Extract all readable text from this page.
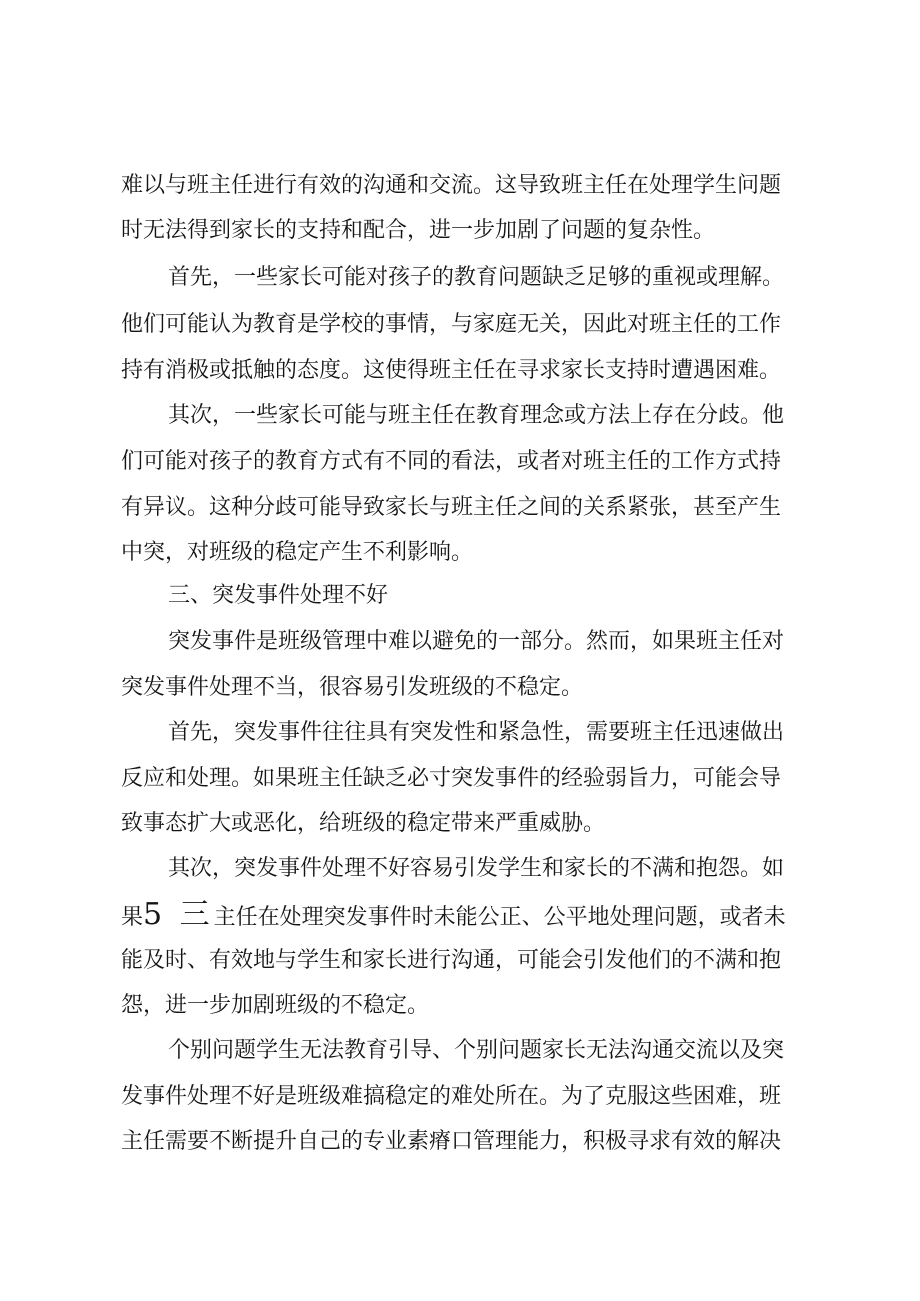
难以与班主任进行有效的沟通和交流。这导致班主任在处理学生问题
时无法得到家长的支持和配合，进一步加剧了问题的复杂性。
首先，一些家长可能对孩子的教育问题缺乏足够的重视或理解。
他们可能认为教育是学校的事情，与家庭无关，因此对班主任的工作
持有消极或抵触的态度。这使得班主任在寻求家长支持时遭遇困难。
其次，一些家长可能与班主任在教育理念或方法上存在分歧。他
们可能对孩子的教育方式有不同的看法，或者对班主任的工作方式持
有异议。这种分歧可能导致家长与班主任之间的关系紧张，甚至产生
中突，对班级的稳定产生不利影响。
三、突发事件处理不好
突发事件是班级管理中难以避免的一部分。然而，如果班主任对
突发事件处理不当，很容易引发班级的不稳定。
首先，突发事件往往具有突发性和紧急性，需要班主任迅速做出
反应和处理。如果班主任缺乏必寸突发事件的经验弱旨力，可能会导
致事态扩大或恶化，给班级的稳定带来严重威胁。
其次，突发事件处理不好容易引发学生和家长的不满和抱怨。如
果5 三主任在处理突发事件时未能公正、公平地处理问题，或者未
能及时、有效地与学生和家长进行沟通，可能会引发他们的不满和抱
怨，进一步加剧班级的不稳定。
个别问题学生无法教育引导、个别问题家长无法沟通交流以及突
发事件处理不好是班级难搞稳定的难处所在。为了克服这些困难，班
主任需要不断提升自己的专业素瘠口管理能力，积极寻求有效的解决
